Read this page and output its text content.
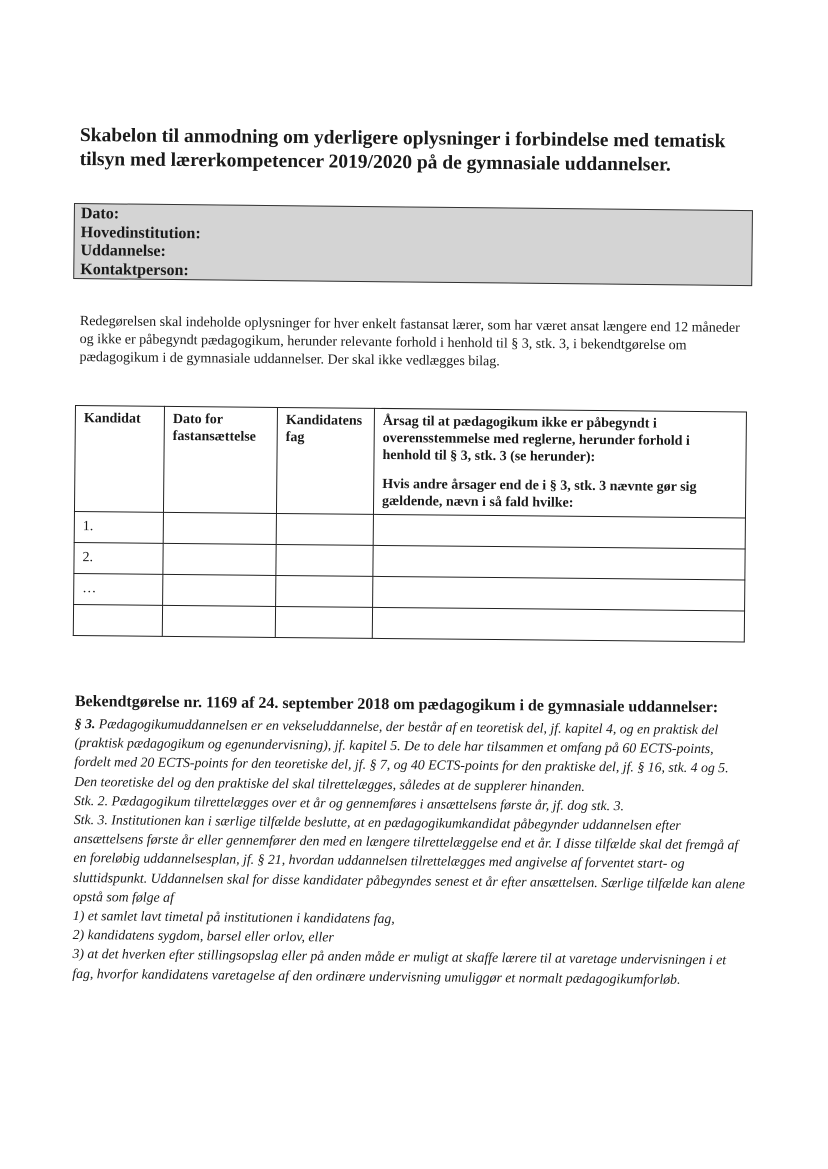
Skabelon til anmodning om yderligere oplysninger i forbindelse med tematisk tilsyn med lærerkompetencer 2019/2020 på de gymnasiale uddannelser.
Dato:
Hovedinstitution:
Uddannelse:
Kontaktperson:
Redegørelsen skal indeholde oplysninger for hver enkelt fastansat lærer, som har været ansat længere end 12 måneder og ikke er påbegyndt pædagogikum, herunder relevante forhold i henhold til § 3, stk. 3, i bekendtgørelse om pædagogikum i de gymnasiale uddannelser. Der skal ikke vedlægges bilag.
Kandidat	Dato for fastansættelse	Kandidatens fag	Årsag til at pædagogikum ikke er påbegyndt i overensstemmelse med reglerne, herunder forhold i henhold til § 3, stk. 3 (se herunder):

Hvis andre årsager end de i § 3, stk. 3 nævnte gør sig gældende, nævn i så fald hvilke:

1.			
2.			
…			

Bekendtgørelse nr. 1169 af 24. september 2018 om pædagogikum i de gymnasiale uddannelser:

§ 3. Pædagogikumuddannelsen er en vekseluddannelse, der består af en teoretisk del, jf. kapitel 4, og en praktisk del (praktisk pædagogikum og egenundervisning), jf. kapitel 5. De to dele har tilsammen et omfang på 60 ECTS-points, fordelt med 20 ECTS-points for den teoretiske del, jf. § 7, og 40 ECTS-points for den praktiske del, jf. § 16, stk. 4 og 5. Den teoretiske del og den praktiske del skal tilrettelægges, således at de supplerer hinanden.

Stk. 2. Pædagogikum tilrettelægges over et år og gennemføres i ansættelsens første år, jf. dog stk. 3.

Stk. 3. Institutionen kan i særlige tilfælde beslutte, at en pædagogikumkandidat påbegynder uddannelsen efter ansættelsens første år eller gennemfører den med en længere tilrettelæggelse end et år. I disse tilfælde skal det fremgå af en foreløbig uddannelsesplan, jf. § 21, hvordan uddannelsen tilrettelægges med angivelse af forventet start- og sluttidspunkt. Uddannelsen skal for disse kandidater påbegyndes senest et år efter ansættelsen. Særlige tilfælde kan alene opstå som følge af

1) et samlet lavt timetal på institutionen i kandidatens fag,

2) kandidatens sygdom, barsel eller orlov, eller

3) at det hverken efter stillingsopslag eller på anden måde er muligt at skaffe lærere til at varetage undervisningen i et fag, hvorfor kandidatens varetagelse af den ordinære undervisning umuliggør et normalt pædagogikumforløb.
